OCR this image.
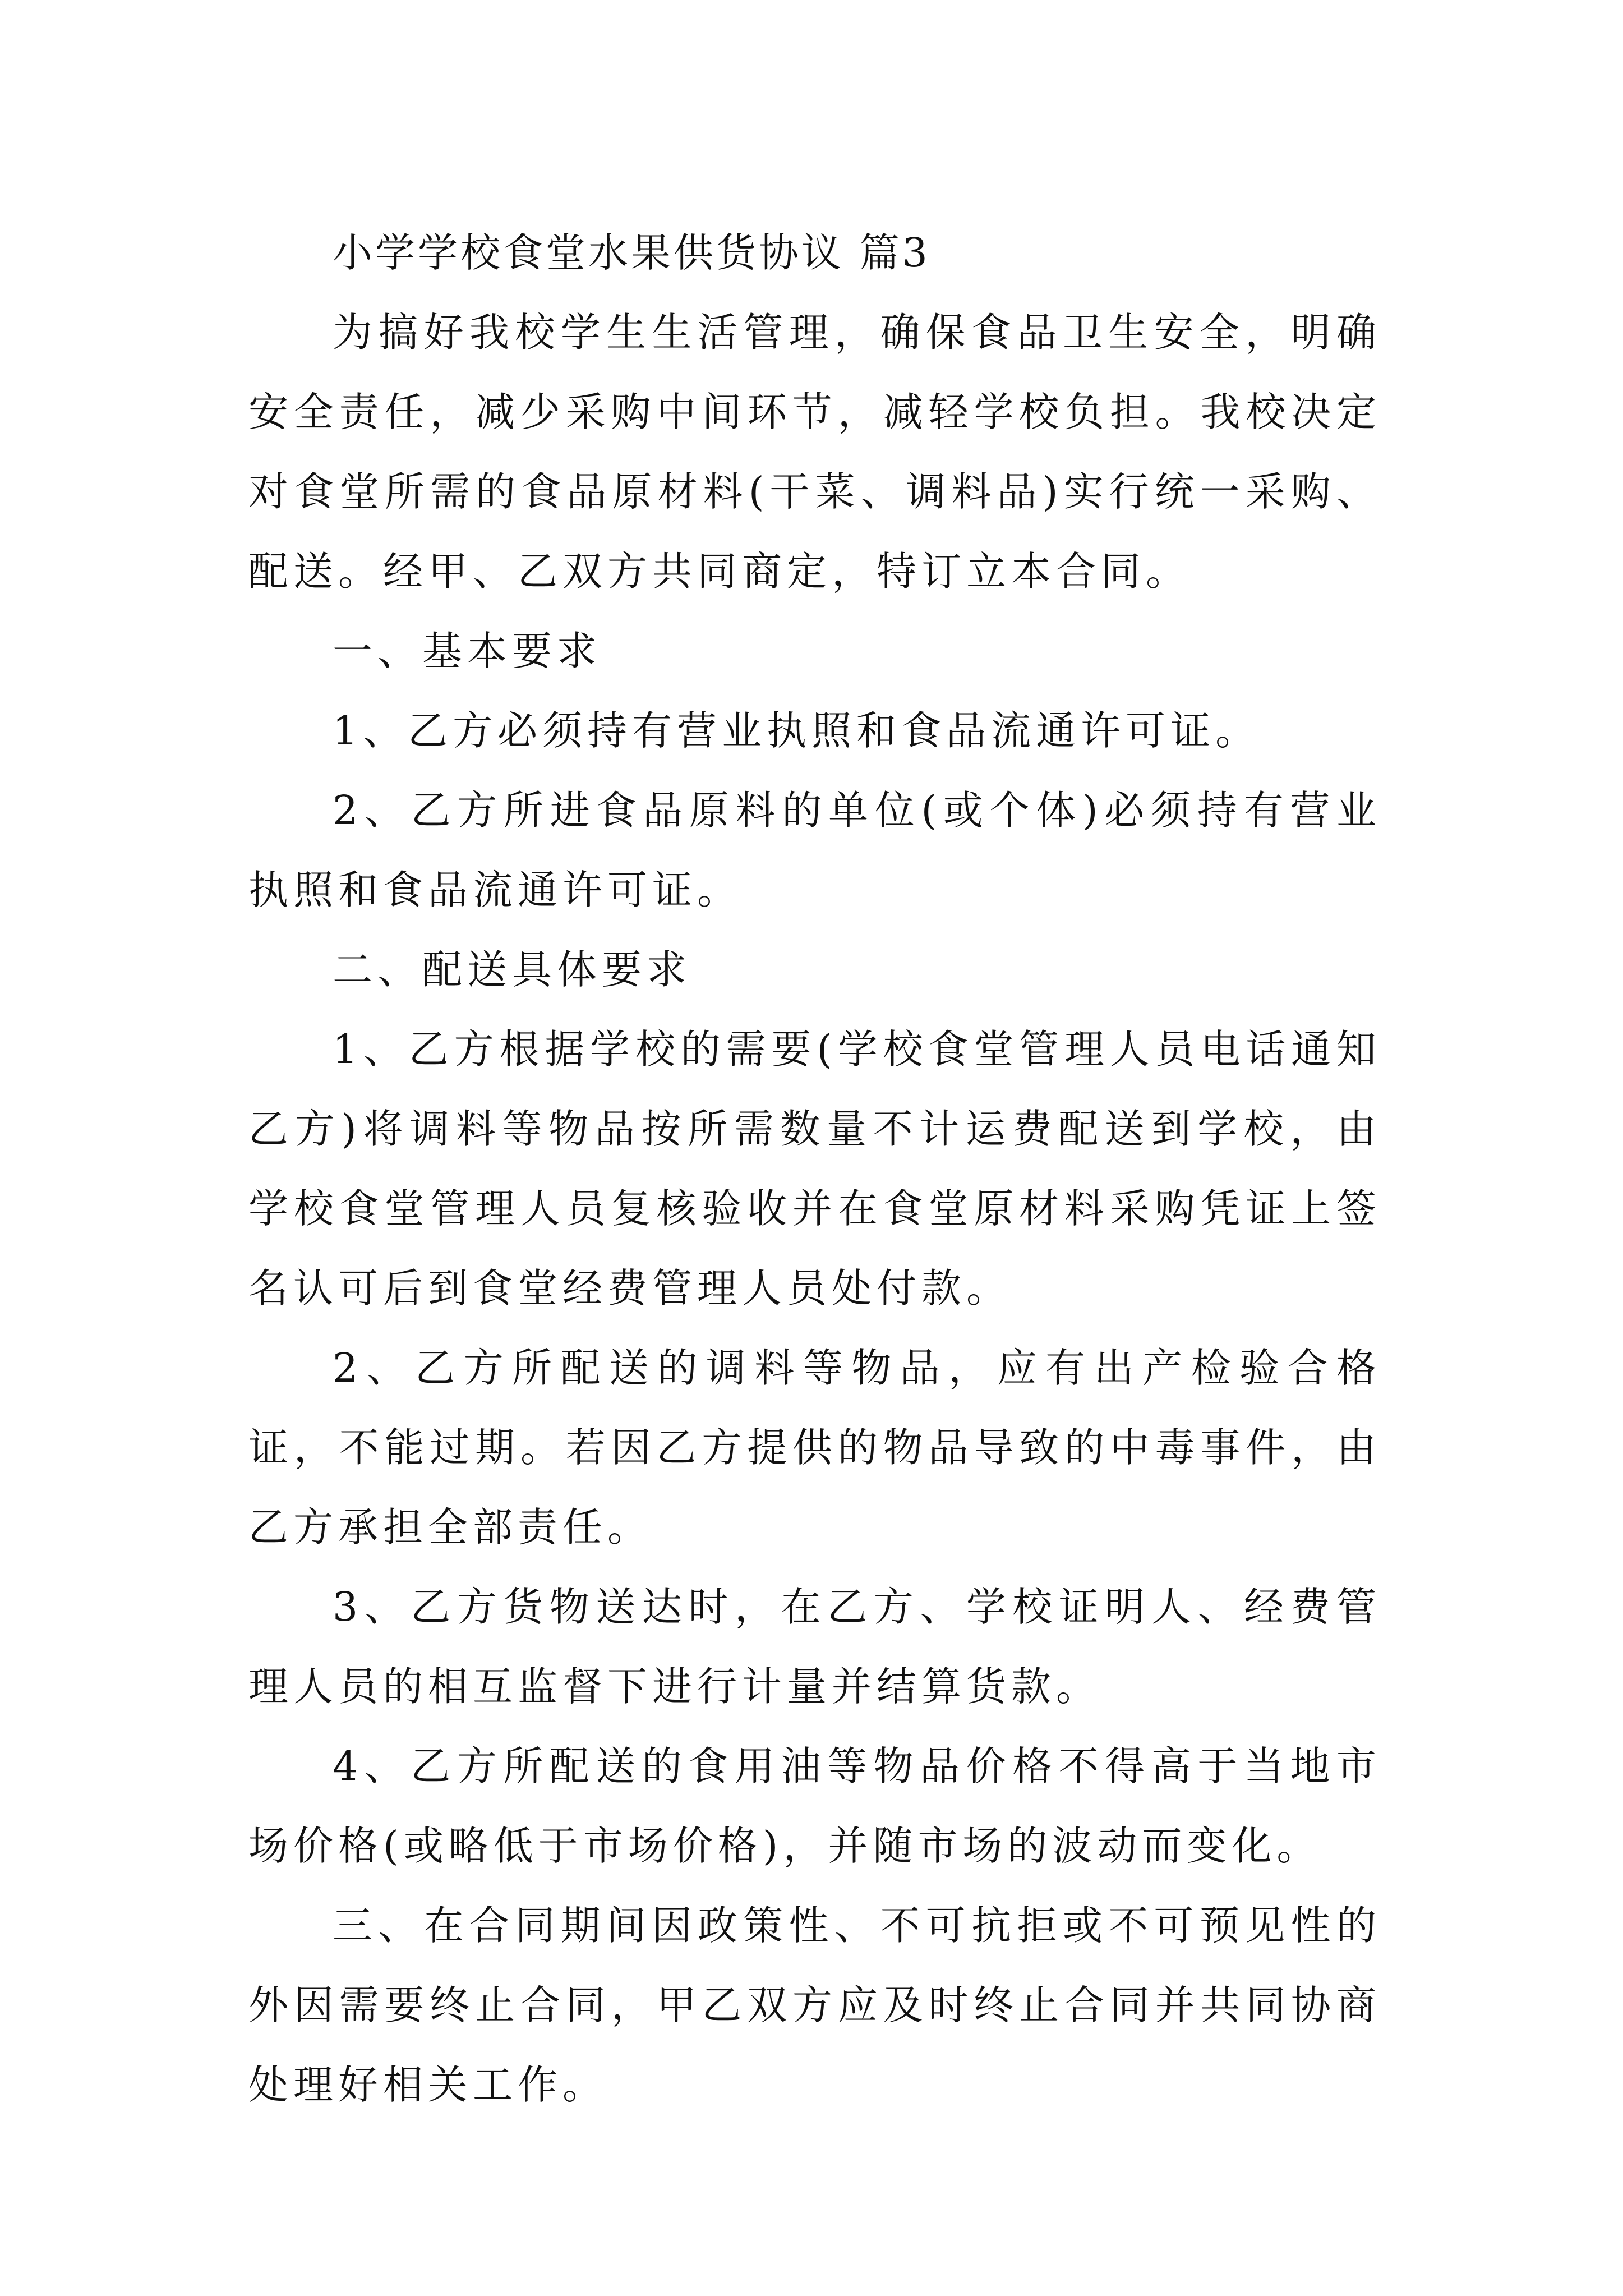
小学学校食堂水果供货协议 篇3

为搞好我校学生生活管理，确保食品卫生安全，明确安全责任，减少采购中间环节，减轻学校负担。我校决定对食堂所需的食品原材料(干菜、调料品)实行统一采购、配送。经甲、乙双方共同商定，特订立本合同。

一、基本要求

1、乙方必须持有营业执照和食品流通许可证。

2、乙方所进食品原料的单位(或个体)必须持有营业执照和食品流通许可证。

二、配送具体要求

1、乙方根据学校的需要(学校食堂管理人员电话通知乙方)将调料等物品按所需数量不计运费配送到学校，由学校食堂管理人员复核验收并在食堂原材料采购凭证上签名认可后到食堂经费管理人员处付款。

2、乙方所配送的调料等物品，应有出产检验合格证，不能过期。若因乙方提供的物品导致的中毒事件，由乙方承担全部责任。

3、乙方货物送达时，在乙方、学校证明人、经费管理人员的相互监督下进行计量并结算货款。

4、乙方所配送的食用油等物品价格不得高于当地市场价格(或略低于市场价格)，并随市场的波动而变化。

三、在合同期间因政策性、不可抗拒或不可预见性的外因需要终止合同，甲乙双方应及时终止合同并共同协商处理好相关工作。
